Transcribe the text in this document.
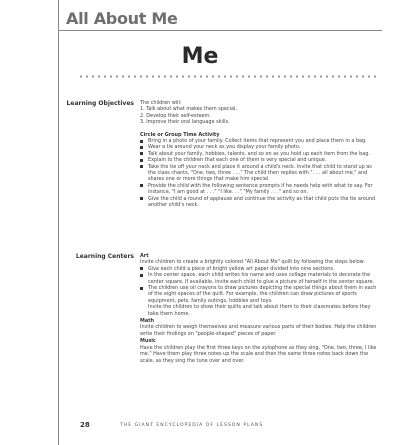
All About Me
Me
Learning Objectives The children will:

1. Talk about what makes them special.

2. Develop their self-esteem.

3. Improve their oral language skills.

Circle or Group Time Activity

Bring in a photo of your family. Collect items that represent you and place them in a bag.
Wear a tie around your neck as you display your family photo.
Talk about your family, hobbies, talents, and so on as you hold up each item from the bag.
Explain to the children that each one of them is very special and unique.
Take the tie off your neck and place it around a child's neck. Invite that child to stand up as the class chants, "One, two, three . . ." The child then replies with ". . . all about me," and shares one or more things that make him special.
Provide the child with the following sentence prompts if he needs help with what to say. For instance, "I am good at . . ." "I like. . ." "My family . . ." and so on.
Give the child a round of applause and continue the activity as that child puts the tie around another child's neck.
Learning Centers Art

Invite children to create a brightly colored "All About Me" quilt by following the steps below.

Give each child a piece of bright yellow art paper divided into nine sections.
In the center space, each child writes his name and uses collage materials to decorate the center square. If available, invite each child to glue a picture of herself in the center square.
The children use oil crayons to draw pictures depicting the special things about them in each of the eight spaces of the quilt. For example, the children can draw pictures of sports equipment, pets, family outings, hobbies and toys.

Invite the children to show their quilts and talk about them to their classmates before they take them home.

Math

Invite children to weigh themselves and measure various parts of their bodies. Help the children write their findings on "people-shaped" pieces of paper.

Music

Have the children play the first three keys on the xylophone as they sing, "One, two, three, I like me." Have them play three notes up the scale and then the same three notes back down the scale, as they sing the tune over and over.

28	THE GIANT ENCYCLOPEDIA OF LESSON PLANS
